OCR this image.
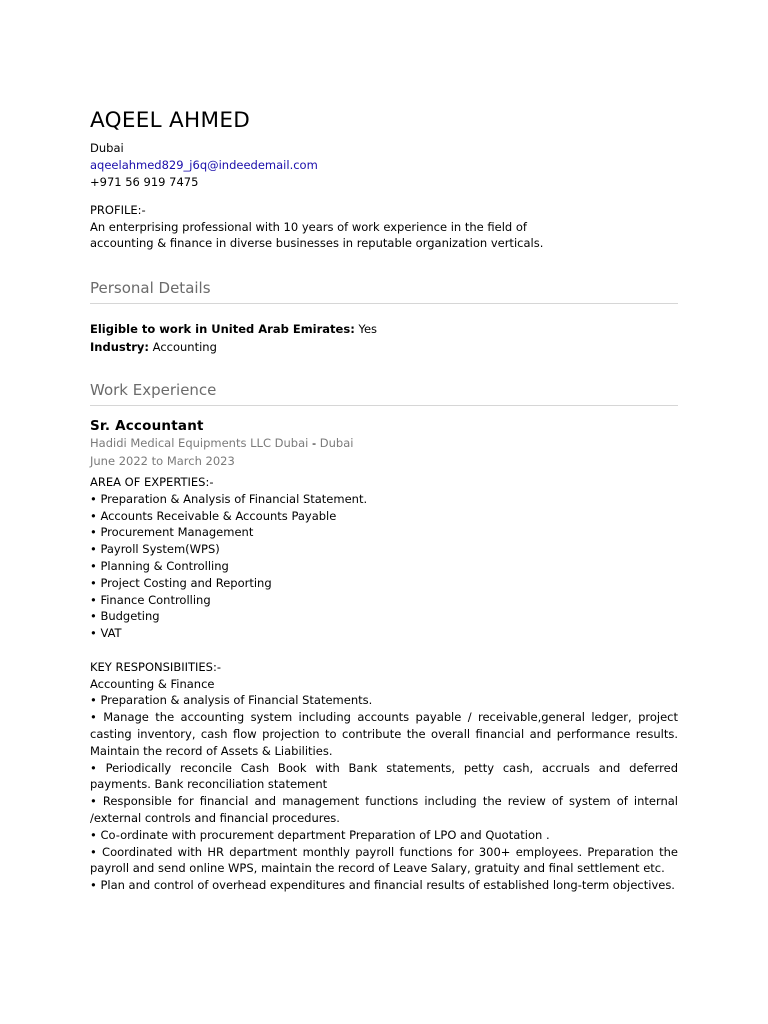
AQEEL AHMED
Dubai
aqeelahmed829_j6q@indeedemail.com
+971 56 919 7475
PROFILE:-
An enterprising professional with 10 years of work experience in the field of
accounting & finance in diverse businesses in reputable organization verticals.
Personal Details
Eligible to work in United Arab Emirates: Yes
Industry: Accounting
Work Experience
Sr. Accountant
Hadidi Medical Equipments LLC Dubai - Dubai
June 2022 to March 2023
AREA OF EXPERTIES:-
• Preparation & Analysis of Financial Statement.
• Accounts Receivable & Accounts Payable
• Procurement Management
• Payroll System(WPS)
• Planning & Controlling
• Project Costing and Reporting
• Finance Controlling
• Budgeting
• VAT
KEY RESPONSIBIITIES:-
Accounting & Finance
• Preparation & analysis of Financial Statements.
• Manage the accounting system including accounts payable / receivable,general ledger, project casting inventory, cash flow projection to contribute the overall financial and performance results. Maintain the record of Assets & Liabilities.
• Periodically reconcile Cash Book with Bank statements, petty cash, accruals and deferred payments. Bank reconciliation statement
• Responsible for financial and management functions including the review of system of internal /external controls and financial procedures.
• Co-ordinate with procurement department Preparation of LPO and Quotation .
• Coordinated with HR department monthly payroll functions for 300+ employees. Preparation the payroll and send online WPS, maintain the record of Leave Salary, gratuity and final settlement etc.
• Plan and control of overhead expenditures and financial results of established long-term objectives.
